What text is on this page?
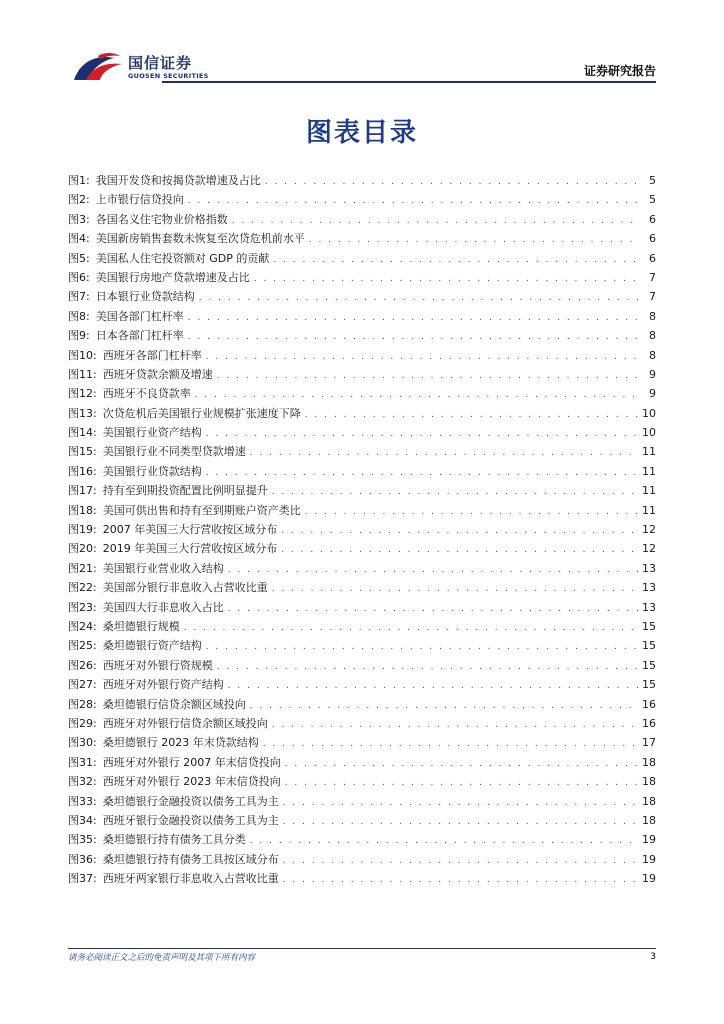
国信证券
GUOSEN SECURITIES	证券研究报告
图表目录
图1: 我国开发贷和按揭贷款增速及占比 . . .	5
图2: 上市银行信贷投向 . . .	5
图3: 各国名义住宅物业价格指数 . . .	6
图4: 美国新房销售套数未恢复至次贷危机前水平 . . .	6
图5: 美国私人住宅投资额对 GDP 的贡献 . . .	6
图6: 美国银行房地产贷款增速及占比 . . .	7
图7: 日本银行业贷款结构 . . .	7
图8: 美国各部门杠杆率 . . .	8
图9: 日本各部门杠杆率 . . .	8
图10: 西班牙各部门杠杆率 . . .	8
图11: 西班牙贷款余额及增速 . . .	9
图12: 西班牙不良贷款率 . . .	9
图13: 次贷危机后美国银行业规模扩张速度下降 . . .	10
图14: 美国银行业资产结构 . . .	10
图15: 美国银行业不同类型贷款增速 . . .	11
图16: 美国银行业贷款结构 . . .	11
图17: 持有至到期投资配置比例明显提升 . . .	11
图18: 美国可供出售和持有至到期账户资产类比 . . .	11
图19: 2007 年美国三大行营收按区域分布 . . .	12
图20: 2019 年美国三大行营收按区域分布 . . .	12
图21: 美国银行业营业收入结构 . . .	13
图22: 美国部分银行非息收入占营收比重 . . .	13
图23: 美国四大行非息收入占比 . . .	13
图24: 桑坦德银行规模 . . .	15
图25: 桑坦德银行资产结构 . . .	15
图26: 西班牙对外银行资规模 . . .	15
图27: 西班牙对外银行资产结构 . . .	15
图28: 桑坦德银行信贷余额区域投向 . . .	16
图29: 西班牙对外银行信贷余额区域投向 . . .	16
图30: 桑坦德银行 2023 年末贷款结构 . . .	17
图31: 西班牙对外银行 2007 年末信贷投向 . . .	18
图32: 西班牙对外银行 2023 年末信贷投向 . . .	18
图33: 桑坦德银行金融投资以债务工具为主 . . .	18
图34: 西班牙银行金融投资以债务工具为主 . . .	18
图35: 桑坦德银行持有债务工具分类 . . .	19
图36: 桑坦德银行持有债务工具按区域分布 . . .	19
图37: 西班牙两家银行非息收入占营收比重 . . .	19
请务必阅读正文之后的免责声明及其项下所有内容	3
